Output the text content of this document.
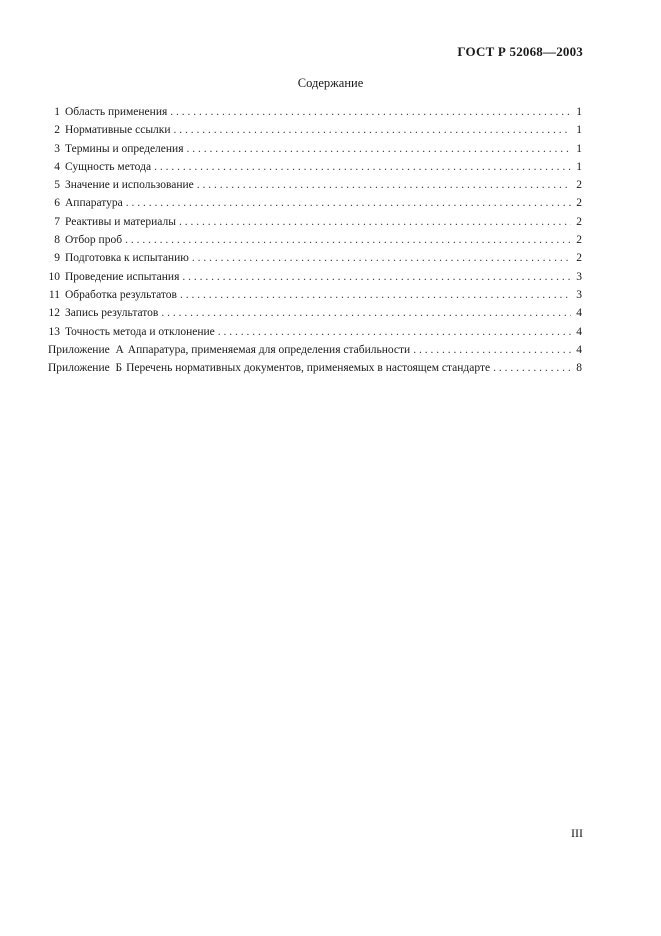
ГОСТ Р 52068—2003
Содержание
1 Область применения . . .	1
2 Нормативные ссылки . . .	1
3 Термины и определения . . .	1
4 Сущность метода . . .	1
5 Значение и использование . . .	2
6 Аппаратура . . .	2
7 Реактивы и материалы . . .	2
8 Отбор проб . . .	2
9 Подготовка к испытанию . . .	2
10 Проведение испытания . . .	3
11 Обработка результатов . . .	3
12 Запись результатов . . .	4
13 Точность метода и отклонение . . .	4
Приложение  А Аппаратура, применяемая для определения стабильности . . .	4
Приложение  Б Перечень нормативных документов, применяемых в настоящем стандарте . . .	8
III
